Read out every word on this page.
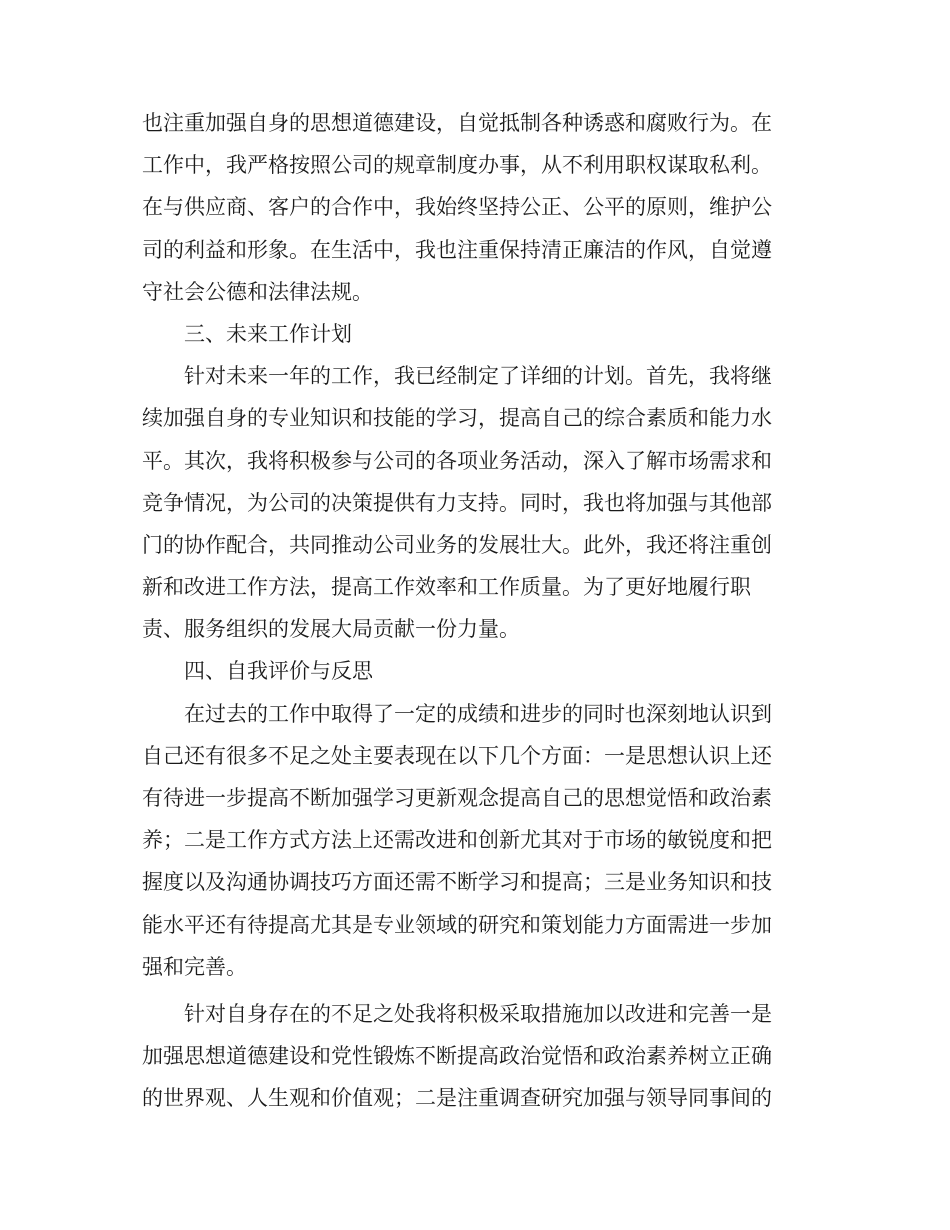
也注重加强自身的思想道德建设，自觉抵制各种诱惑和腐败行为。在
工作中，我严格按照公司的规章制度办事，从不利用职权谋取私利。
在与供应商、客户的合作中，我始终坚持公正、公平的原则，维护公
司的利益和形象。在生活中，我也注重保持清正廉洁的作风，自觉遵
守社会公德和法律法规。
三、未来工作计划
针对未来一年的工作，我已经制定了详细的计划。首先，我将继
续加强自身的专业知识和技能的学习，提高自己的综合素质和能力水
平。其次，我将积极参与公司的各项业务活动，深入了解市场需求和
竞争情况，为公司的决策提供有力支持。同时，我也将加强与其他部
门的协作配合，共同推动公司业务的发展壮大。此外，我还将注重创
新和改进工作方法，提高工作效率和工作质量。为了更好地履行职
责、服务组织的发展大局贡献一份力量。
四、自我评价与反思
在过去的工作中取得了一定的成绩和进步的同时也深刻地认识到
自己还有很多不足之处主要表现在以下几个方面：一是思想认识上还
有待进一步提高不断加强学习更新观念提高自己的思想觉悟和政治素
养；二是工作方式方法上还需改进和创新尤其对于市场的敏锐度和把
握度以及沟通协调技巧方面还需不断学习和提高；三是业务知识和技
能水平还有待提高尤其是专业领域的研究和策划能力方面需进一步加
强和完善。
针对自身存在的不足之处我将积极采取措施加以改进和完善一是
加强思想道德建设和党性锻炼不断提高政治觉悟和政治素养树立正确
的世界观、人生观和价值观；二是注重调查研究加强与领导同事间的
